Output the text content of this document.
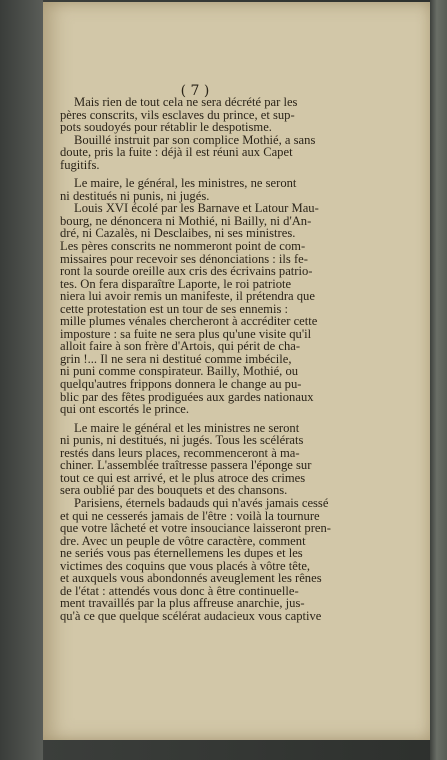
( 7 )
Mais rien de tout cela ne sera décrété par les
pères conscrits, vils esclaves du prince, et sup-
pots soudoyés pour rétablir le despotisme.
Bouillé instruit par son complice Mothié, a sans
doute, pris la fuite : déjà il est réuni aux Capet
fugitifs.
Le maire, le général, les ministres, ne seront
ni destitués ni punis, ni jugés.
Louis XVI écolé par les Barnave et Latour Mau-
bourg, ne dénoncera ni Mothié, ni Bailly, ni d'An-
dré, ni Cazalès, ni Desclaibes, ni ses ministres.
Les pères conscrits ne nommeront point de com-
missaires pour recevoir ses dénonciations : ils fe-
ront la sourde oreille aux cris des écrivains patrio-
tes. On fera disparaître Laporte, le roi patriote
niera lui avoir remis un manifeste, il prétendra que
cette protestation est un tour de ses ennemis :
mille plumes vénales chercheront à accréditer cette
imposture : sa fuite ne sera plus qu'une visite qu'il
alloit faire à son frère d'Artois, qui périt de cha-
grin !... Il ne sera ni destitué comme imbécile,
ni puni comme conspirateur. Bailly, Mothié, ou
quelqu'autres frippons donnera le change au pu-
blic par des fêtes prodiguées aux gardes nationaux
qui ont escortés le prince.
Le maire le général et les ministres ne seront
ni punis, ni destitués, ni jugés. Tous les scélérats
restés dans leurs places, recommenceront à ma-
chiner. L'assemblée traîtresse passera l'éponge sur
tout ce qui est arrivé, et le plus atroce des crimes
sera oublié par des bouquets et des chansons.
Parisiens, éternels badauds qui n'avés jamais cessé
et qui ne cesserés jamais de l'être : voilà la tournure
que votre lâcheté et votre insouciance laisseront pren-
dre. Avec un peuple de vôtre caractère, comment
ne seriés vous pas éternellemens les dupes et les
victimes des coquins que vous placés à vôtre tête,
et auxquels vous abondonnés aveuglement les rênes
de l'état : attendés vous donc à être continuelle-
ment travaillés par la plus affreuse anarchie, jus-
qu'à ce que quelque scélérat audacieux vous captive
